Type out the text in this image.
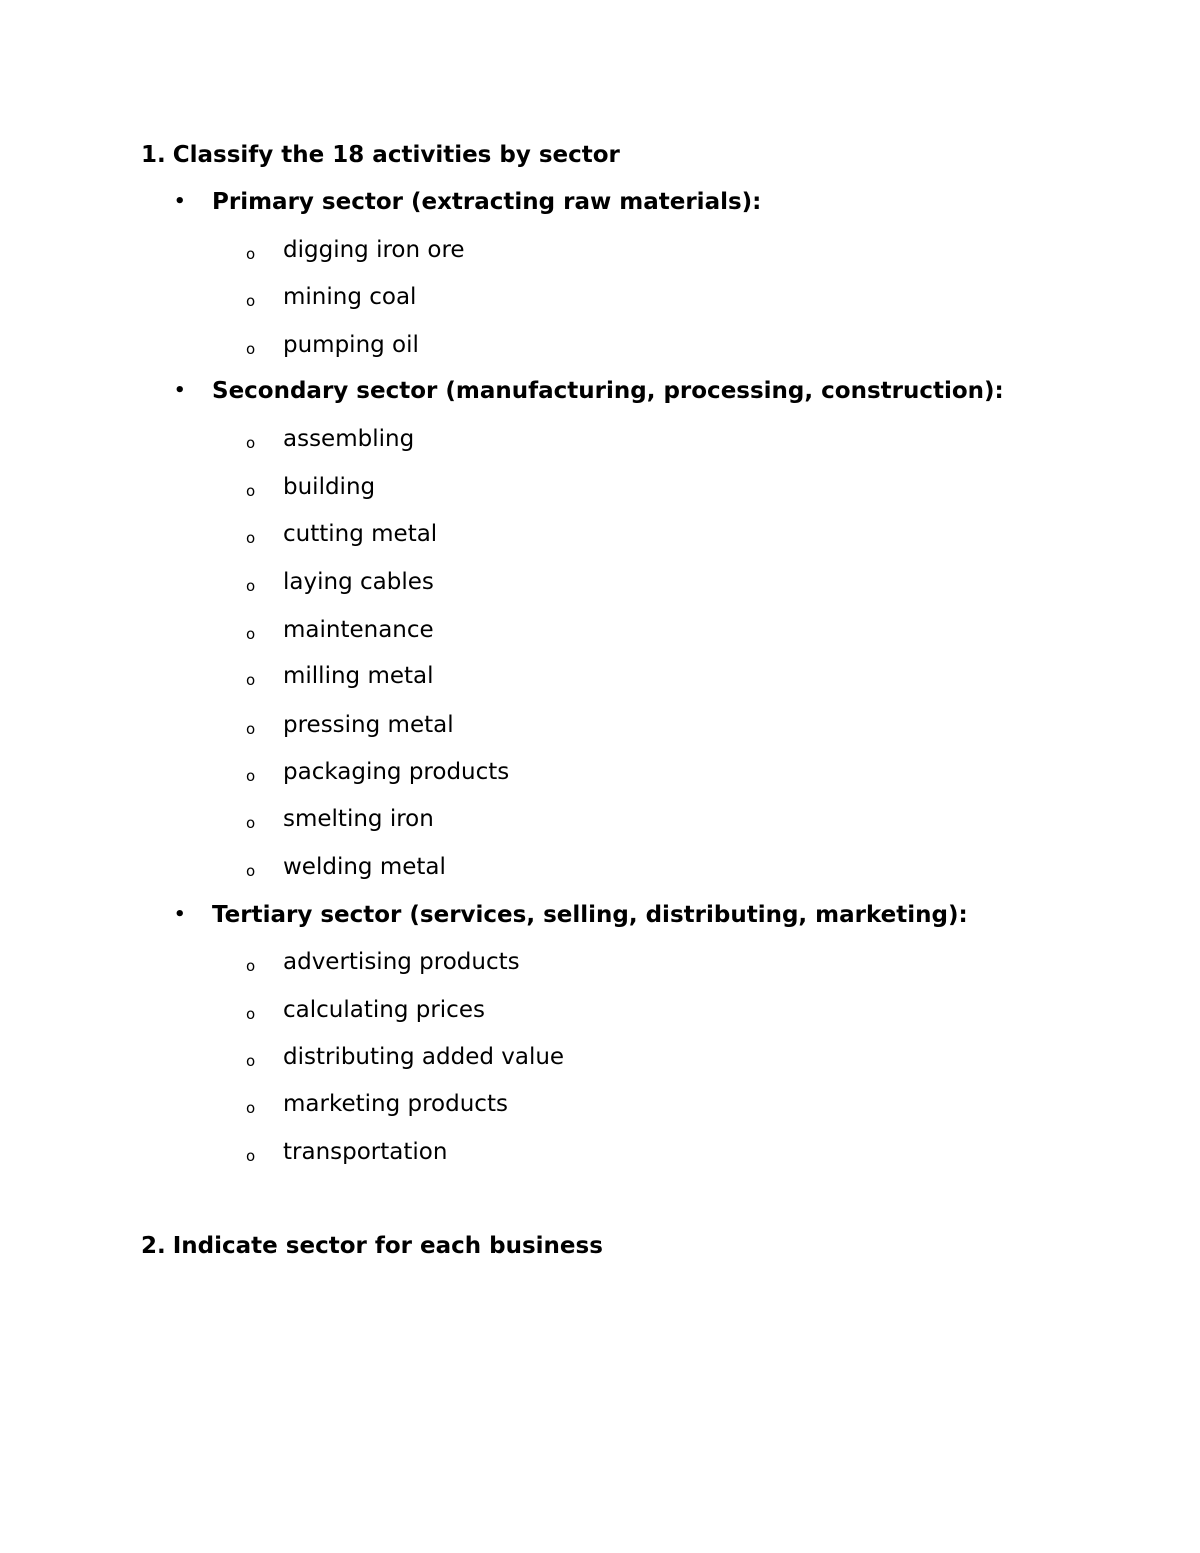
1. Classify the 18 activities by sector
• Primary sector (extracting raw materials):
o digging iron ore
o mining coal
o pumping oil
• Secondary sector (manufacturing, processing, construction):
o assembling
o building
o cutting metal
o laying cables
o maintenance
o milling metal
o pressing metal
o packaging products
o smelting iron
o welding metal
• Tertiary sector (services, selling, distributing, marketing):
o advertising products
o calculating prices
o distributing added value
o marketing products
o transportation
2. Indicate sector for each business
